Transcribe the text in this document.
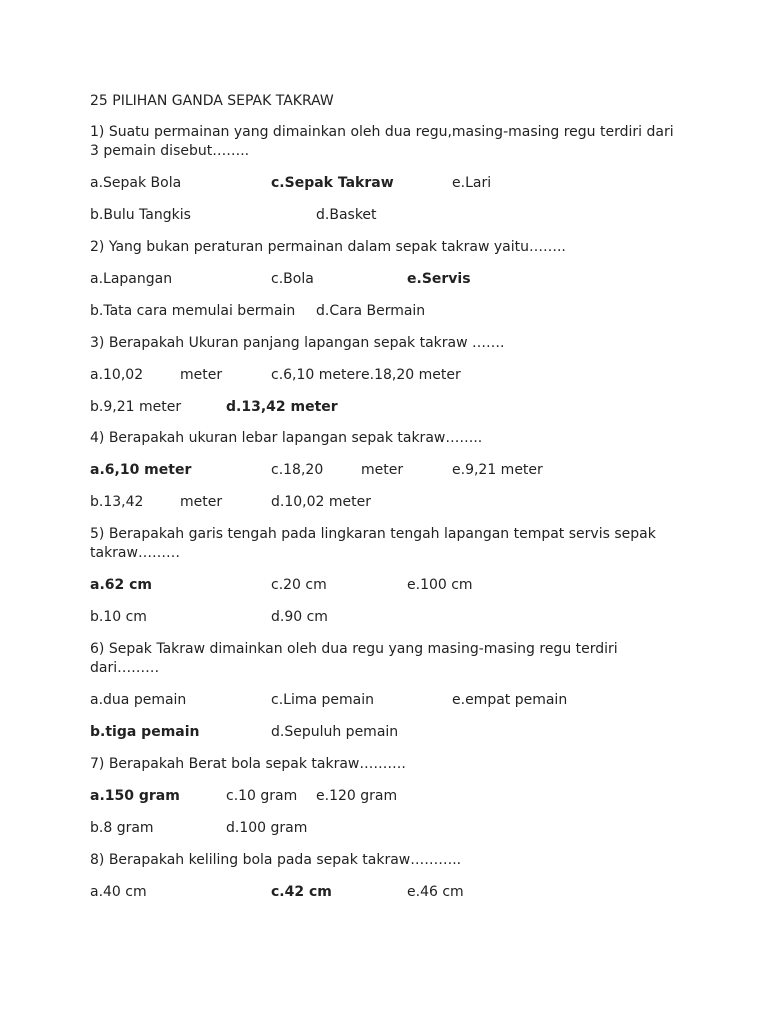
25 PILIHAN GANDA SEPAK TAKRAW
1) Suatu permainan yang dimainkan oleh dua regu,masing-masing regu terdiri dari 3 pemain disebut……..
a.Sepak Bola	c.Sepak Takraw	e.Lari
b.Bulu Tangkis	d.Basket
2) Yang bukan peraturan permainan dalam sepak takraw yaitu……..
a.Lapangan	c.Bola	e.Servis
b.Tata cara memulai bermain d.Cara Bermain
3) Berapakah Ukuran panjang lapangan sepak takraw …….
a.10,02	meter	c.6,10 meter e.18,20 meter
b.9,21 meter	d.13,42 meter
4) Berapakah ukuran lebar lapangan sepak takraw……..
a.6,10 meter	c.18,20	meter	e.9,21 meter
b.13,42	meter	d.10,02 meter
5) Berapakah garis tengah pada lingkaran tengah lapangan tempat servis sepak takraw………
a.62 cm	c.20 cm	e.100 cm
b.10 cm	d.90 cm
6) Sepak Takraw dimainkan oleh dua regu yang masing-masing regu terdiri dari………
a.dua pemain	c.Lima pemain	e.empat pemain
b.tiga pemain	d.Sepuluh pemain
7) Berapakah Berat bola sepak takraw……….
a.150 gram	c.10 gram e.120 gram
b.8 gram	d.100 gram
8) Berapakah keliling bola pada sepak takraw………..
a.40 cm	c.42 cm	e.46 cm
